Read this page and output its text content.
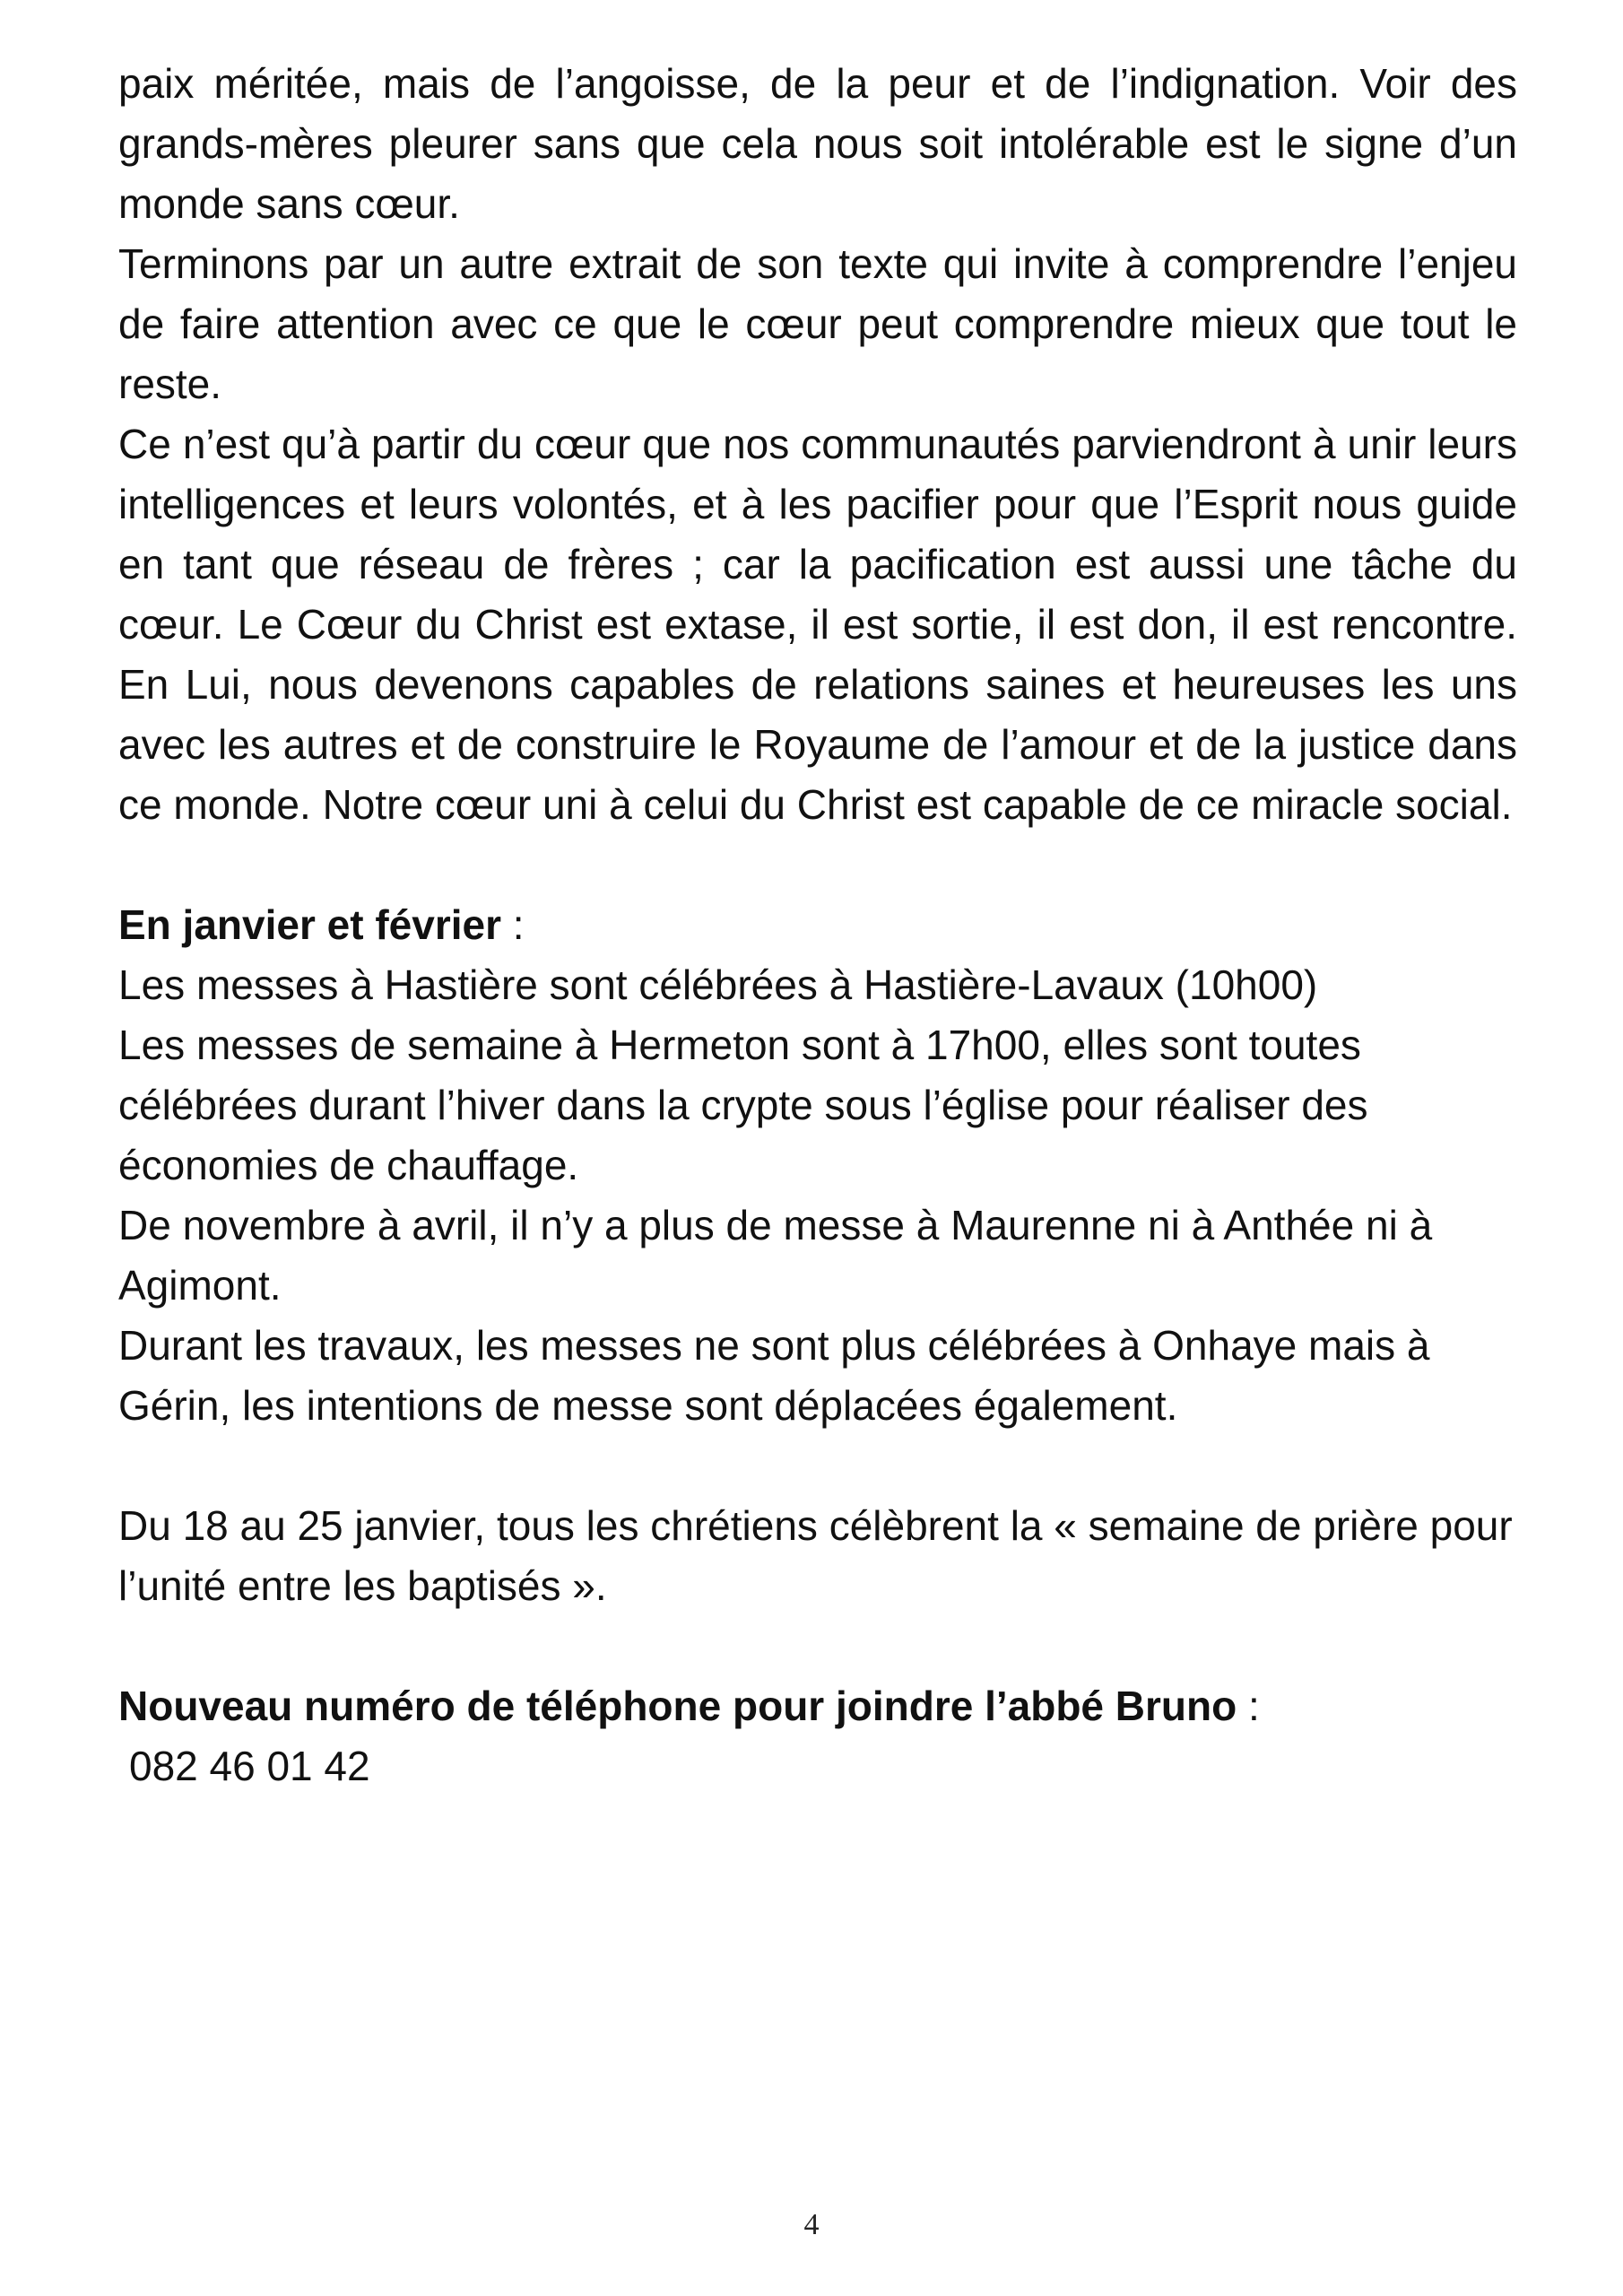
paix méritée, mais de l’angoisse, de la peur et de l’indignation. Voir des grands-mères pleurer sans que cela nous soit intolérable est le signe d’un monde sans cœur.

Terminons par un autre extrait de son texte qui invite à comprendre l’enjeu de faire attention avec ce que le cœur peut comprendre mieux que tout le reste.

Ce n’est qu’à partir du cœur que nos communautés parviendront à unir leurs intelligences et leurs volontés, et à les pacifier pour que l’Esprit nous guide en tant que réseau de frères ; car la pacification est aussi une tâche du cœur. Le Cœur du Christ est extase, il est sortie, il est don, il est rencontre. En Lui, nous devenons capables de relations saines et heureuses les uns avec les autres et de construire le Royaume de l’amour et de la justice dans ce monde. Notre cœur uni à celui du Christ est capable de ce miracle social.

En janvier et février :

Les messes à Hastière sont célébrées à Hastière-Lavaux (10h00)

Les messes de semaine à Hermeton sont à 17h00, elles sont toutes célébrées durant l’hiver dans la crypte sous l’église pour réaliser des économies de chauffage.

De novembre à avril, il n’y a plus de messe à Maurenne ni à Anthée ni à Agimont.

Durant les travaux, les messes ne sont plus célébrées à Onhaye mais à Gérin, les intentions de messe sont déplacées également.

Du 18 au 25 janvier, tous les chrétiens célèbrent la « semaine de prière pour l’unité entre les baptisés ».

Nouveau numéro de téléphone pour joindre l’abbé Bruno :

082 46 01 42

4
